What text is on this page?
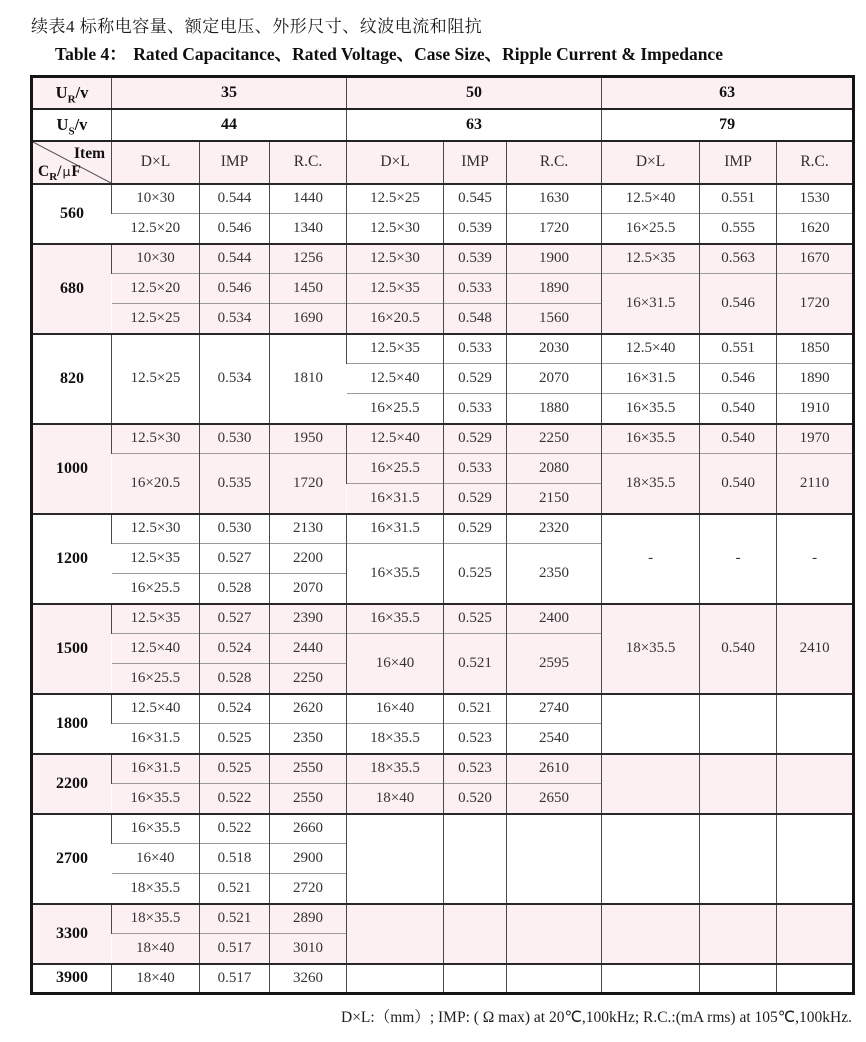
续表4 标称电容量、额定电压、外形尺寸、纹波电流和阻抗
Table 4： Rated Capacitance、Rated Voltage、Case Size、Ripple Current & Impedance
$U_R/v$	35			50			63		
$U_S/v$	44			63			79		

Item
$C_R/\mu F$	D×L	IMP	R.C.	D×L	IMP	R.C.	D×L	IMP	R.C.
560	10×30	0.544	1440	12.5×25	0.545	1630	12.5×40	0.551	1530
	12.5×20	0.546	1340	12.5×30	0.539	1720	16×25.5	0.555	1620
680	10×30	0.544	1256	12.5×30	0.539	1900	12.5×35	0.563	1670
	12.5×20	0.546	1450	12.5×35	0.533	1890	16×31.5	0.546	1720
	12.5×25	0.534	1690	16×20.5	0.548	1560			
820	12.5×25	0.534	1810	12.5×35	0.533	2030	12.5×40	0.551	1850
				12.5×40	0.529	2070	16×31.5	0.546	1890
				16×25.5	0.533	1880	16×35.5	0.540	1910
1000	12.5×30	0.530	1950	12.5×40	0.529	2250	16×35.5	0.540	1970
	16×20.5	0.535	1720	16×25.5	0.533	2080	18×35.5	0.540	2110
				16×31.5	0.529	2150			
1200	12.5×30	0.530	2130	16×31.5	0.529	2320	-	-	-
	12.5×35	0.527	2200	16×35.5	0.525	2350			
	16×25.5	0.528	2070						
1500	12.5×35	0.527	2390	16×35.5	0.525	2400	18×35.5	0.540	2410
	12.5×40	0.524	2440	16×40	0.521	2595			
	16×25.5	0.528	2250						
1800	12.5×40	0.524	2620	16×40	0.521	2740			
	16×31.5	0.525	2350	18×35.5	0.523	2540			
2200	16×31.5	0.525	2550	18×35.5	0.523	2610			
	16×35.5	0.522	2550	18×40	0.520	2650			
2700	16×35.5	0.522	2660						
	16×40	0.518	2900						
	18×35.5	0.521	2720						
3300	18×35.5	0.521	2890						
	18×40	0.517	3010						
3900	18×40	0.517	3260						
D×L:（mm）; IMP: ( Ω max) at 20℃,100kHz; R.C.:(mA rms) at 105℃,100kHz.
